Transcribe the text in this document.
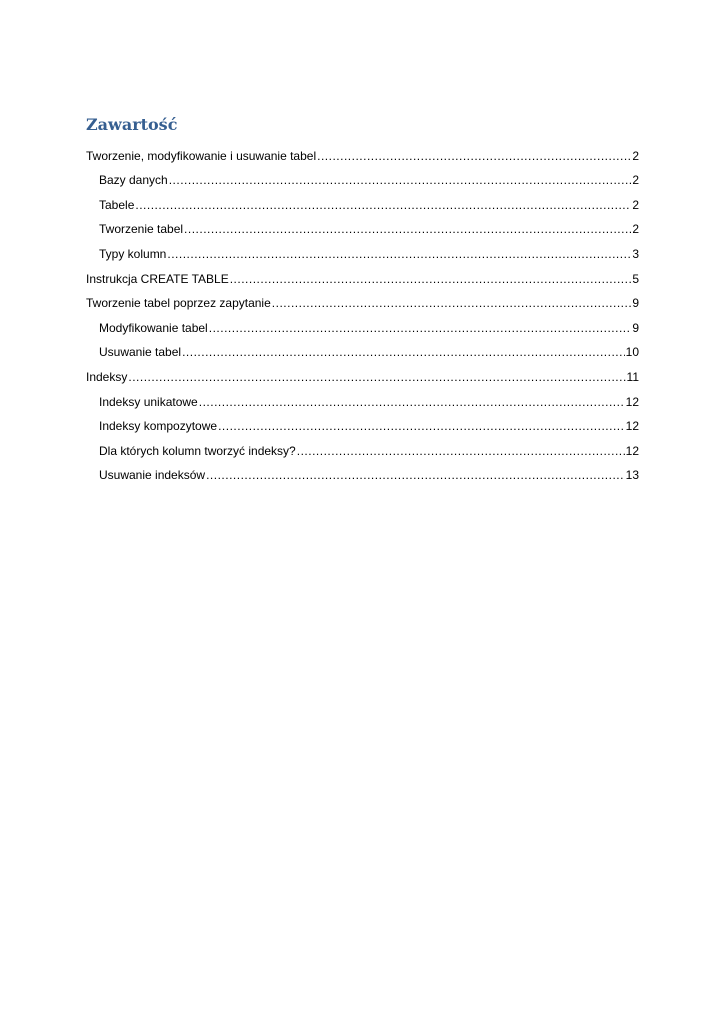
Zawartość
Tworzenie, modyfikowanie i usuwanie tabel .....	2
Bazy danych .....	2
Tabele .....	2
Tworzenie tabel .....	2
Typy kolumn .....	3
Instrukcja CREATE TABLE .....	5
Tworzenie tabel poprzez zapytanie .....	9
Modyfikowanie tabel .....	9
Usuwanie tabel .....	10
Indeksy .....	11
Indeksy unikatowe .....	12
Indeksy kompozytowe .....	12
Dla których kolumn tworzyć indeksy? .....	12
Usuwanie indeksów .....	13
